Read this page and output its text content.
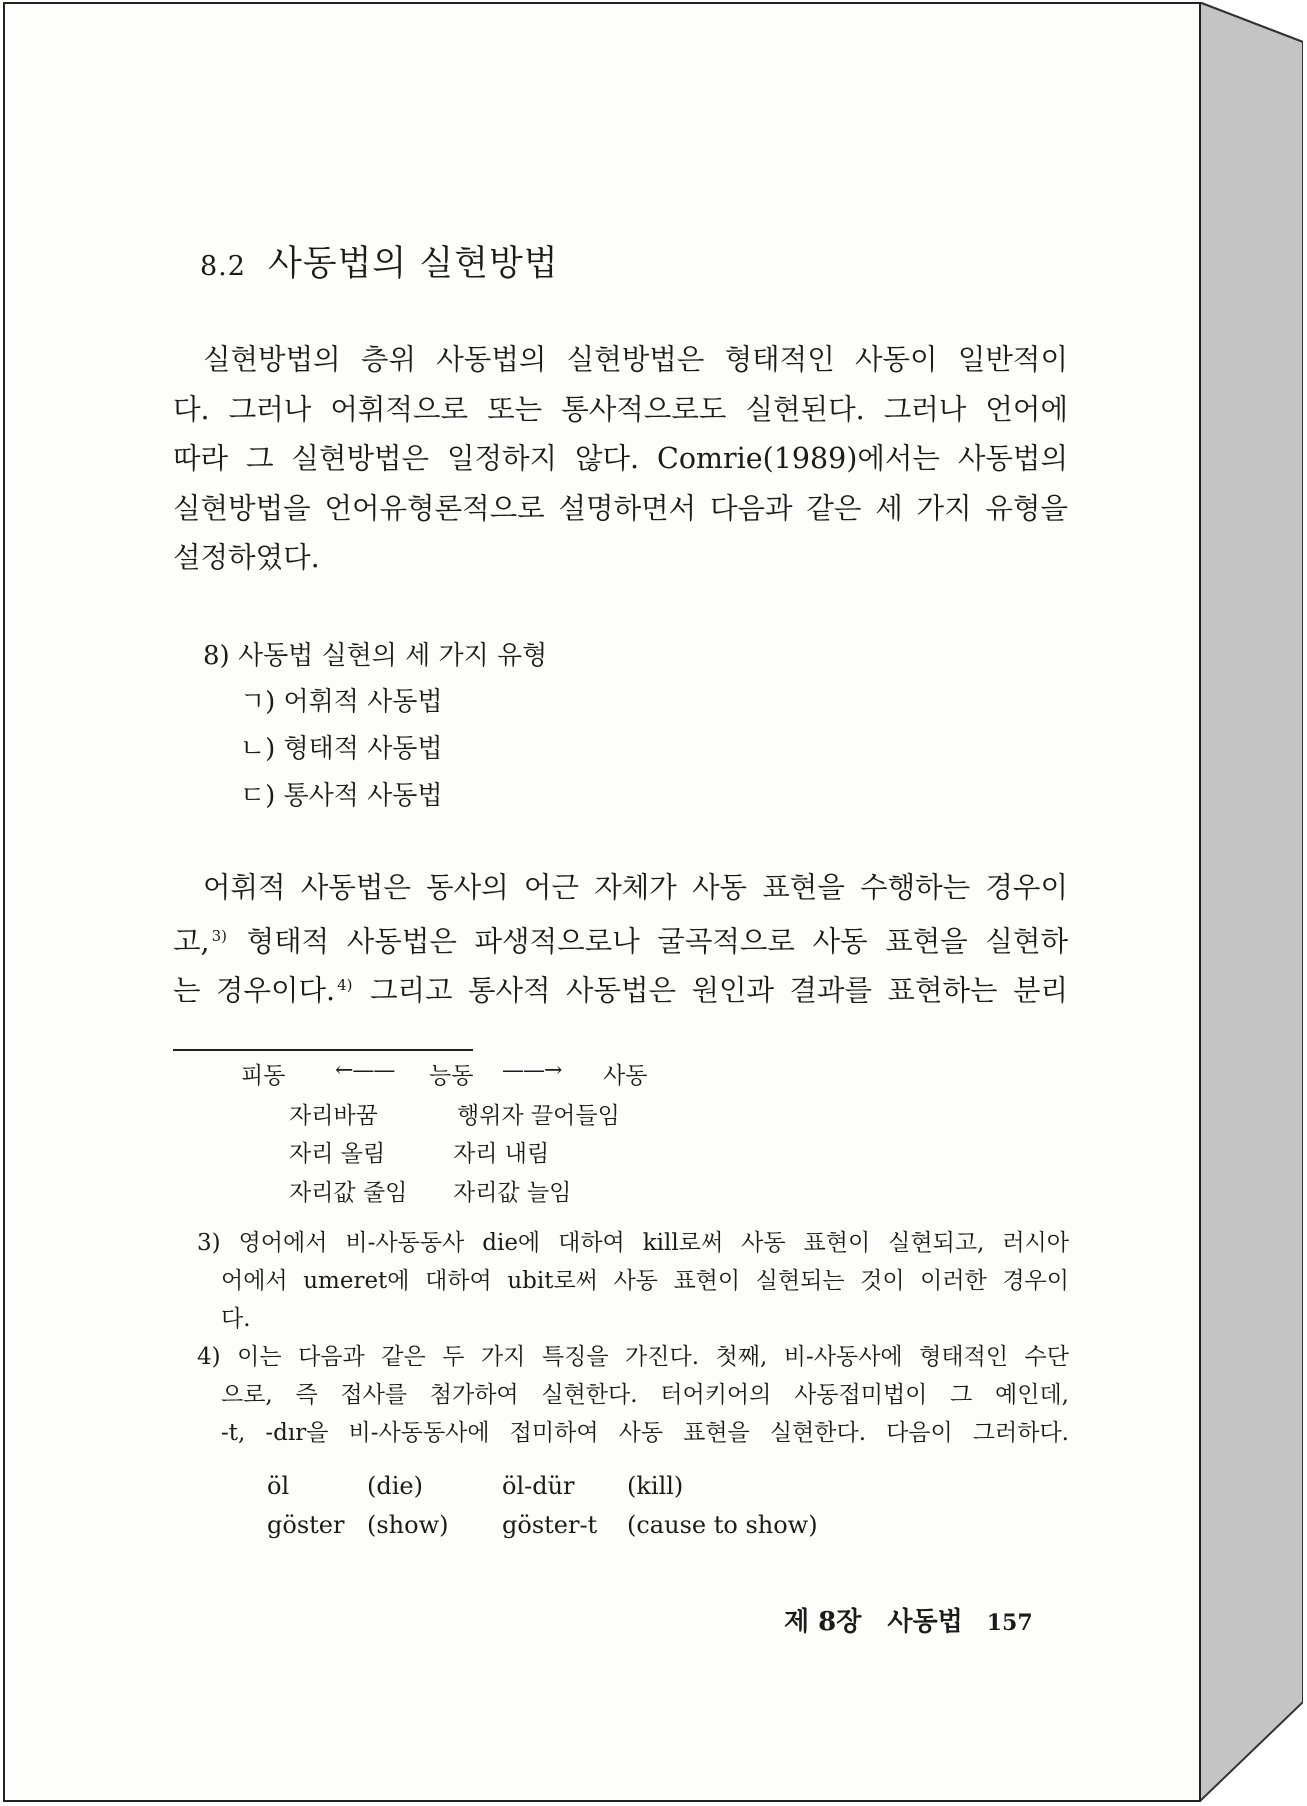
8.2 사동법의 실현방법
실현방법의 층위 사동법의 실현방법은 형태적인 사동이 일반적이
다. 그러나 어휘적으로 또는 통사적으로도 실현된다. 그러나 언어에
따라 그 실현방법은 일정하지 않다. Comrie(1989)에서는 사동법의
실현방법을 언어유형론적으로 설명하면서 다음과 같은 세 가지 유형을
설정하였다.
8) 사동법 실현의 세 가지 유형
ㄱ) 어휘적 사동법
ㄴ) 형태적 사동법
ㄷ) 통사적 사동법
어휘적 사동법은 동사의 어근 자체가 사동 표현을 수행하는 경우이
고, $^{3)}$ 형태적 사동법은 파생적으로나 굴곡적으로 사동 표현을 실현하
는 경우이다. $^{4)}$ 그리고 통사적 사동법은 원인과 결과를 표현하는 분리
피동 ←—— 능동 ——→ 사동
자리바꿈
자리 올림
자리값 줄임
행위자 끌어들임
자리 내림
자리값 늘임
3) 영어에서 비-사동동사 die에 대하여 kill로써 사동 표현이 실현되고, 러시아
어에서 umeret에 대하여 ubit로써 사동 표현이 실현되는 것이 이러한 경우이
다.
4) 이는 다음과 같은 두 가지 특징을 가진다. 첫째, 비-사동사에 형태적인 수단
으로, 즉 접사를 첨가하여 실현한다. 터어키어의 사동접미법이 그 예인데,
-t, -dır을 비-사동동사에 접미하여 사동 표현을 실현한다. 다음이 그러하다.
öl	(die)	öl-dür (kill)
göster (show) göster-t (cause to show)
제 8장 사동법 157
